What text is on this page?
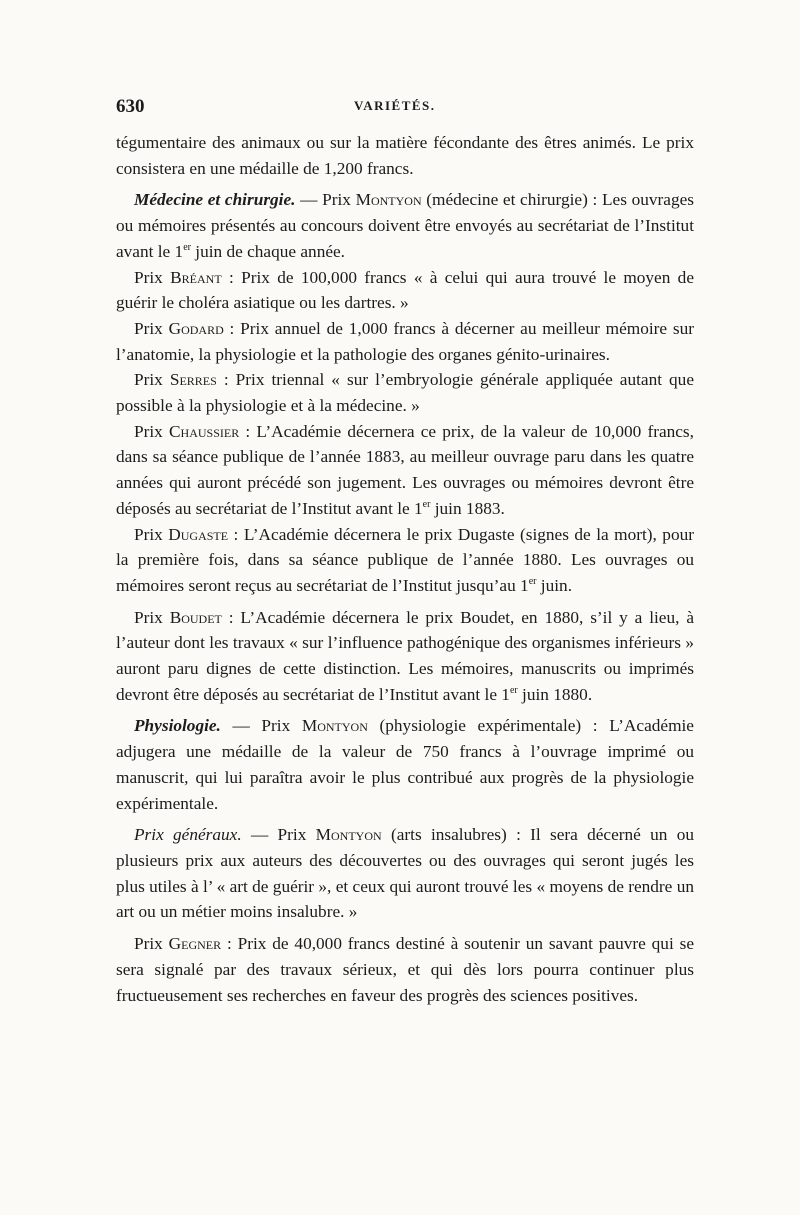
630	VARIÉTÉS.

tégumentaire des animaux ou sur la matière fécondante des êtres animés. Le prix consistera en une médaille de 1,200 francs.

Médecine et chirurgie. — Prix Montyon (médecine et chirurgie) : Les ouvrages ou mémoires présentés au concours doivent être envoyés au secrétariat de l’Institut avant le 1er juin de chaque année.

Prix Bréant : Prix de 100,000 francs « à celui qui aura trouvé le moyen de guérir le choléra asiatique ou les dartres. »

Prix Godard : Prix annuel de 1,000 francs à décerner au meilleur mémoire sur l’anatomie, la physiologie et la pathologie des organes génito-urinaires.

Prix Serres : Prix triennal « sur l’embryologie générale appliquée autant que possible à la physiologie et à la médecine. »

Prix Chaussier : L’Académie décernera ce prix, de la valeur de 10,000 francs, dans sa séance publique de l’année 1883, au meilleur ouvrage paru dans les quatre années qui auront précédé son jugement. Les ouvrages ou mémoires devront être déposés au secrétariat de l’Institut avant le 1er juin 1883.

Prix Dugaste : L’Académie décernera le prix Dugaste (signes de la mort), pour la première fois, dans sa séance publique de l’année 1880. Les ouvrages ou mémoires seront reçus au secrétariat de l’Institut jusqu’au 1er juin.

Prix Boudet : L’Académie décernera le prix Boudet, en 1880, s’il y a lieu, à l’auteur dont les travaux « sur l’influence pathogénique des organismes inférieurs » auront paru dignes de cette distinction. Les mémoires, manuscrits ou imprimés devront être déposés au secrétariat de l’Institut avant le 1er juin 1880.

Physiologie. — Prix Montyon (physiologie expérimentale) : L’Académie adjugera une médaille de la valeur de 750 francs à l’ouvrage imprimé ou manuscrit, qui lui paraîtra avoir le plus contribué aux progrès de la physiologie expérimentale.

Prix généraux. — Prix Montyon (arts insalubres) : Il sera décerné un ou plusieurs prix aux auteurs des découvertes ou des ouvrages qui seront jugés les plus utiles à l’ « art de guérir », et ceux qui auront trouvé les « moyens de rendre un art ou un métier moins insalubre. »

Prix Gegner : Prix de 40,000 francs destiné à soutenir un savant pauvre qui se sera signalé par des travaux sérieux, et qui dès lors pourra continuer plus fructueusement ses recherches en faveur des progrès des sciences positives.
